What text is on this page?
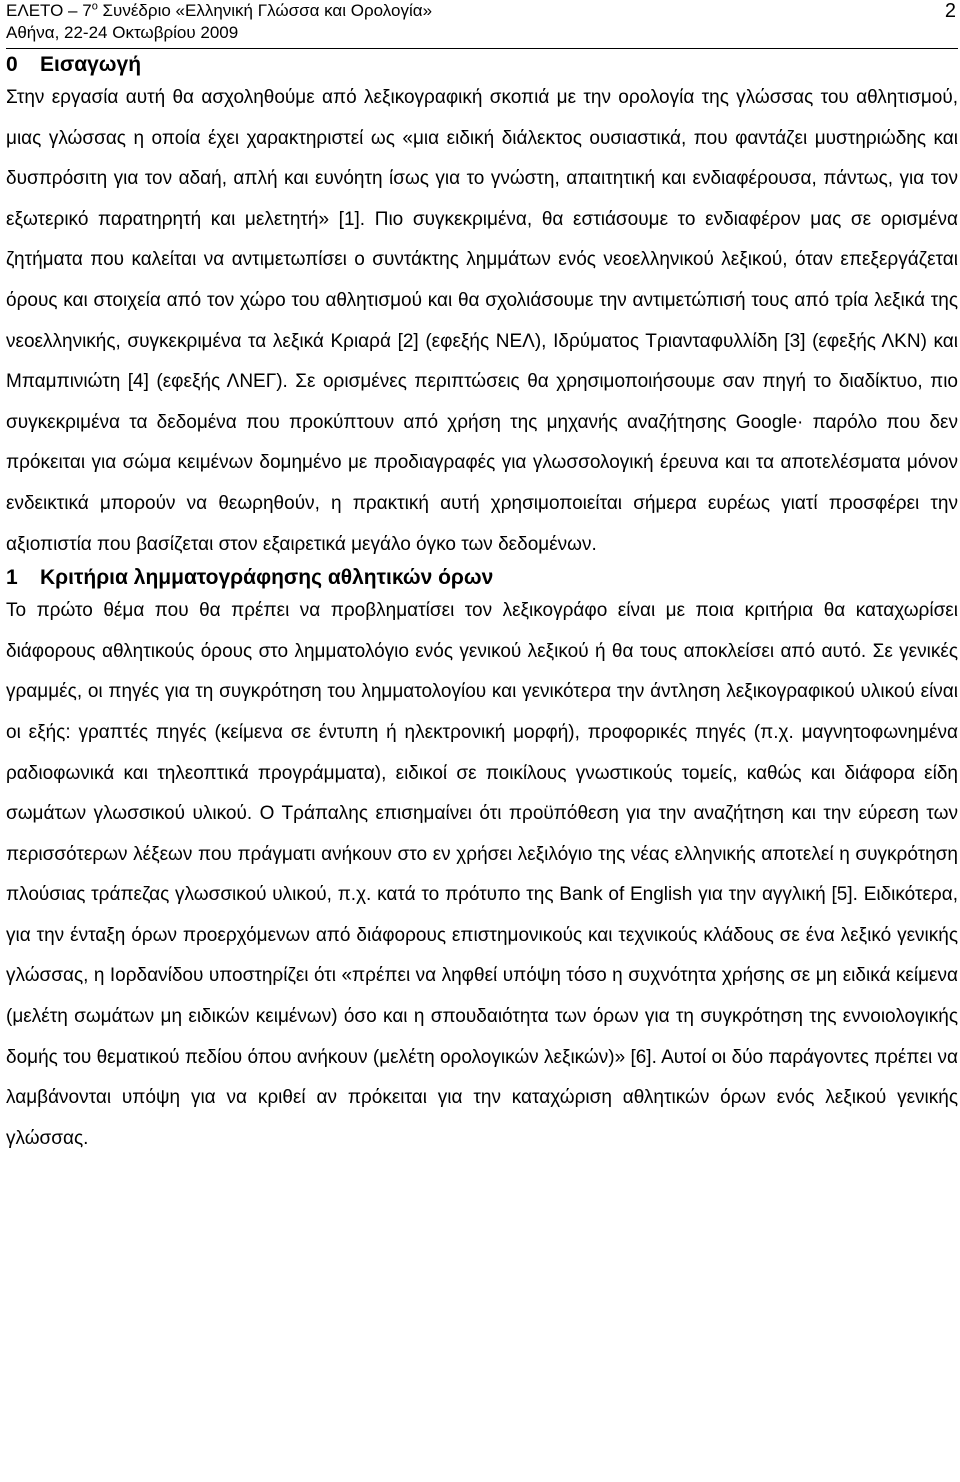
ΕΛΕΤΟ – $7^o$ Συνέδριο «Ελληνική Γλώσσα και Ορολογία»
Αθήνα, 22-24 Οκτωβρίου 2009
2
0 Εισαγωγή

Στην εργασία αυτή θα ασχοληθούμε από λεξικογραφική σκοπιά με την ορολογία της γλώσσας του αθλητισμού, μιας γλώσσας η οποία έχει χαρακτηριστεί ως «μια ειδική διάλεκτος ουσιαστικά, που φαντάζει μυστηριώδης και δυσπρόσιτη για τον αδαή, απλή και ευνόητη ίσως για το γνώστη, απαιτητική και ενδιαφέρουσα, πάντως, για τον εξωτερικό παρατηρητή και μελετητή» [1]. Πιο συγκεκριμένα, θα εστιάσουμε το ενδιαφέρον μας σε ορισμένα ζητήματα που καλείται να αντιμετωπίσει ο συντάκτης λημμάτων ενός νεοελληνικού λεξικού, όταν επεξεργάζεται όρους και στοιχεία από τον χώρο του αθλητισμού και θα σχολιάσουμε την αντιμετώπισή τους από τρία λεξικά της νεοελληνικής, συγκεκριμένα τα λεξικά Κριαρά [2] (εφεξής ΝΕΛ), Ιδρύματος Τριανταφυλλίδη [3] (εφεξής ΛΚΝ) και Μπαμπινιώτη [4] (εφεξής ΛΝΕΓ). Σε ορισμένες περιπτώσεις θα χρησιμοποιήσουμε σαν πηγή το διαδίκτυο, πιο συγκεκριμένα τα δεδομένα που προκύπτουν από χρήση της μηχανής αναζήτησης Google· παρόλο που δεν πρόκειται για σώμα κειμένων δομημένο με προδιαγραφές για γλωσσολογική έρευνα και τα αποτελέσματα μόνον ενδεικτικά μπορούν να θεωρηθούν, η πρακτική αυτή χρησιμοποιείται σήμερα ευρέως γιατί προσφέρει την αξιοπιστία που βασίζεται στον εξαιρετικά μεγάλο όγκο των δεδομένων.

1 Κριτήρια λημματογράφησης αθλητικών όρων

Το πρώτο θέμα που θα πρέπει να προβληματίσει τον λεξικογράφο είναι με ποια κριτήρια θα καταχωρίσει διάφορους αθλητικούς όρους στο λημματολόγιο ενός γενικού λεξικού ή θα τους αποκλείσει από αυτό. Σε γενικές γραμμές, οι πηγές για τη συγκρότηση του λημματολογίου και γενικότερα την άντληση λεξικογραφικού υλικού είναι οι εξής: γραπτές πηγές (κείμενα σε έντυπη ή ηλεκτρονική μορφή), προφορικές πηγές (π.χ. μαγνητοφωνημένα ραδιοφωνικά και τηλεοπτικά προγράμματα), ειδικοί σε ποικίλους γνωστικούς τομείς, καθώς και διάφορα είδη σωμάτων γλωσσικού υλικού. Ο Τράπαλης επισημαίνει ότι προϋπόθεση για την αναζήτηση και την εύρεση των περισσότερων λέξεων που πράγματι ανήκουν στο εν χρήσει λεξιλόγιο της νέας ελληνικής αποτελεί η συγκρότηση πλούσιας τράπεζας γλωσσικού υλικού, π.χ. κατά το πρότυπο της Bank of English για την αγγλική [5]. Ειδικότερα, για την ένταξη όρων προερχόμενων από διάφορους επιστημονικούς και τεχνικούς κλάδους σε ένα λεξικό γενικής γλώσσας, η Ιορδανίδου υποστηρίζει ότι «πρέπει να ληφθεί υπόψη τόσο η συχνότητα χρήσης σε μη ειδικά κείμενα (μελέτη σωμάτων μη ειδικών κειμένων) όσο και η σπουδαιότητα των όρων για τη συγκρότηση της εννοιολογικής δομής του θεματικού πεδίου όπου ανήκουν (μελέτη ορολογικών λεξικών)» [6]. Αυτοί οι δύο παράγοντες πρέπει να λαμβάνονται υπόψη για να κριθεί αν πρόκειται για την καταχώριση αθλητικών όρων ενός λεξικού γενικής γλώσσας.
